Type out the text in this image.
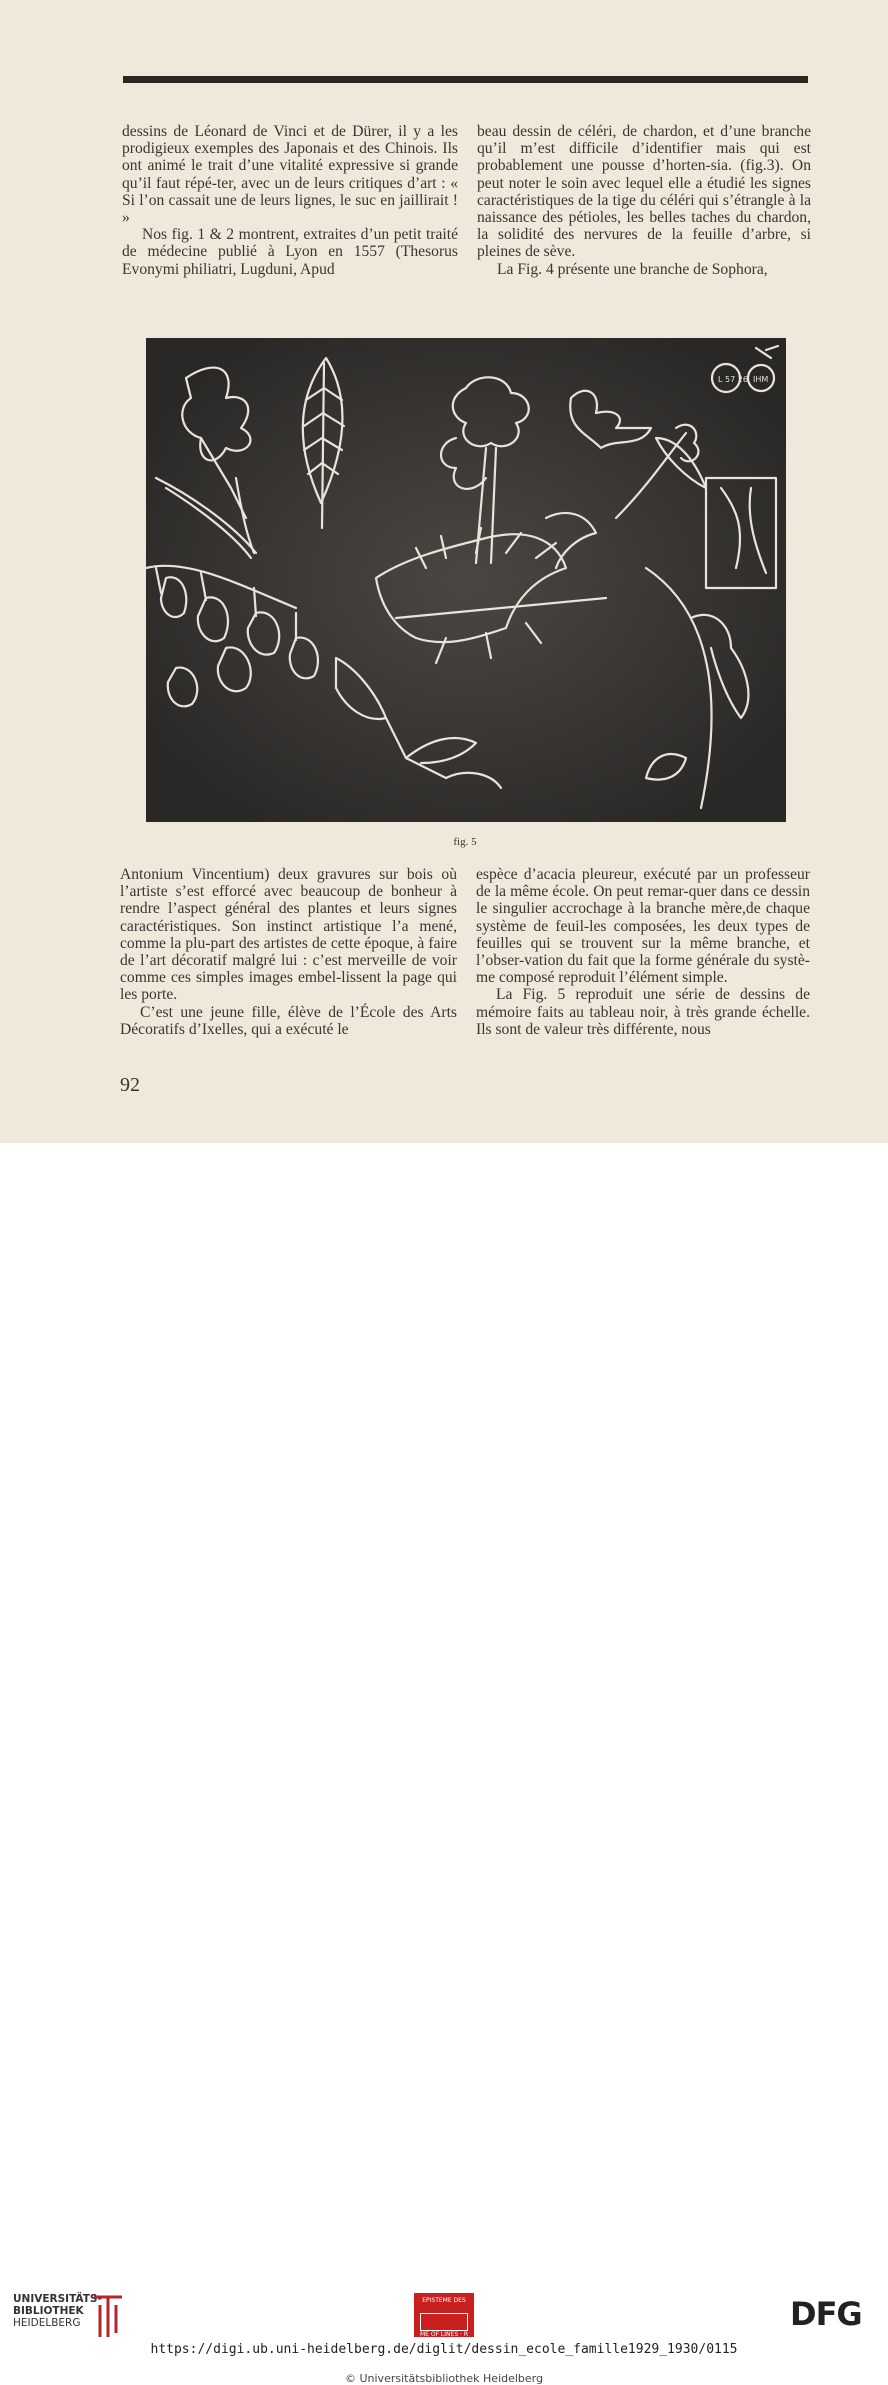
dessins de Léonard de Vinci et de Dürer, il y a les prodigieux exemples des Japonais et des Chinois. Ils ont animé le trait d’une vitalité expressive si grande qu’il faut répé-ter, avec un de leurs critiques d’art : « Si l’on cassait une de leurs lignes, le suc en jaillirait ! »

Nos fig. 1 & 2 montrent, extraites d’un petit traité de médecine publié à Lyon en 1557 (Thesorus Evonymi philiatri, Lugduni, Apud

beau dessin de céléri, de chardon, et d’une branche qu’il m’est difficile d’identifier mais qui est probablement une pousse d’horten-sia. (fig.3). On peut noter le soin avec lequel elle a étudié les signes caractéristiques de la tige du céléri qui s’étrangle à la naissance des pétioles, les belles taches du chardon, la solidité des nervures de la feuille d’arbre, si pleines de sève.

La Fig. 4 présente une branche de Sophora,

L 57 26 IHM
fig. 5

Antonium Vincentium) deux gravures sur bois où l’artiste s’est efforcé avec beaucoup de bonheur à rendre l’aspect général des plantes et leurs signes caractéristiques. Son instinct artistique l’a mené, comme la plu-part des artistes de cette époque, à faire de l’art décoratif malgré lui : c’est merveille de voir comme ces simples images embel-lissent la page qui les porte.

C’est une jeune fille, élève de l’École des Arts Décoratifs d’Ixelles, qui a exécuté le

espèce d’acacia pleureur, exécuté par un professeur de la même école. On peut remar-quer dans ce dessin le singulier accrochage à la branche mère,de chaque système de feuil-les composées, les deux types de feuilles qui se trouvent sur la même branche, et l’obser-vation du fait que la forme générale du systè-me composé reproduit l’élément simple.

La Fig. 5 reproduit une série de dessins de mémoire faits au tableau noir, à très grande échelle. Ils sont de valeur très différente, nous

92
UNIVERSITÄTS-
BIBLIOTHEK
HEIDELBERG
EPISTEME DES
ME OF LINES · R
DFG
https://digi.ub.uni-heidelberg.de/diglit/dessin_ecole_famille1929_1930/0115
© Universitätsbibliothek Heidelberg
